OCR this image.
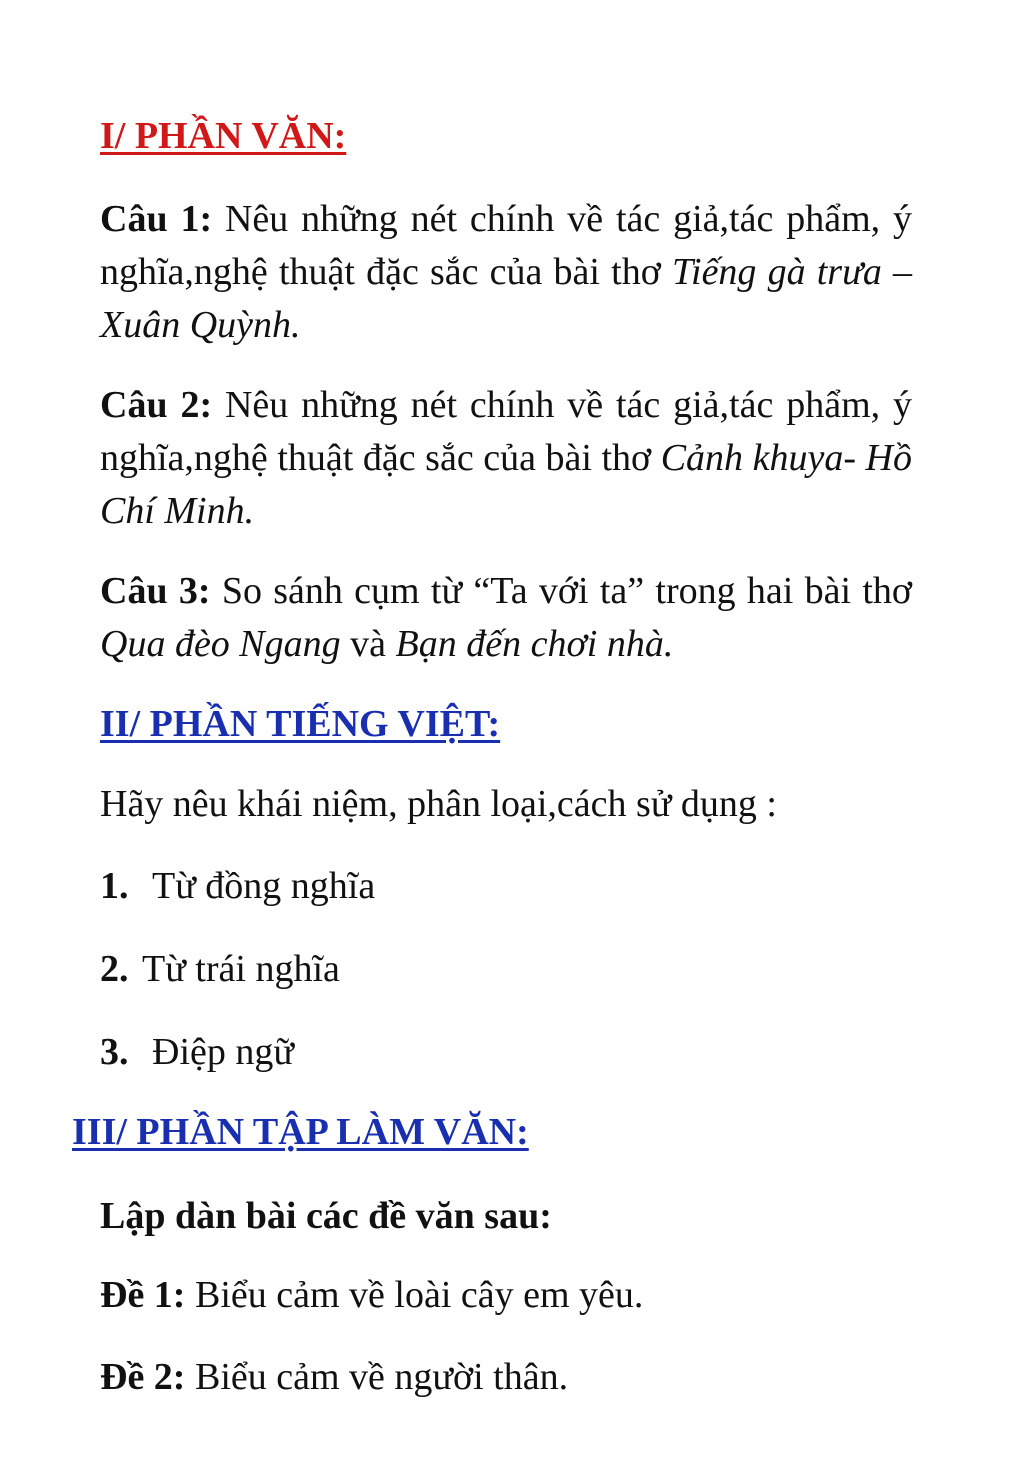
I/ PHẦN VĂN:

Câu 1: Nêu những nét chính về tác giả,tác phẩm, ý nghĩa,nghệ thuật đặc sắc của bài thơ Tiếng gà trưa –Xuân Quỳnh.

Câu 2: Nêu những nét chính về tác giả,tác phẩm, ý nghĩa,nghệ thuật đặc sắc của bài thơ Cảnh khuya- Hồ Chí Minh.

Câu 3: So sánh cụm từ “Ta với ta” trong hai bài thơ Qua đèo Ngang và Bạn đến chơi nhà.

II/ PHẦN TIẾNG VIỆT:

Hãy nêu khái niệm, phân loại,cách sử dụng :

1. Từ đồng nghĩa

2. Từ trái nghĩa

3. Điệp ngữ

III/ PHẦN TẬP LÀM VĂN:

Lập dàn bài các đề văn sau:

Đề 1: Biểu cảm về loài cây em yêu.

Đề 2: Biểu cảm về người thân.
